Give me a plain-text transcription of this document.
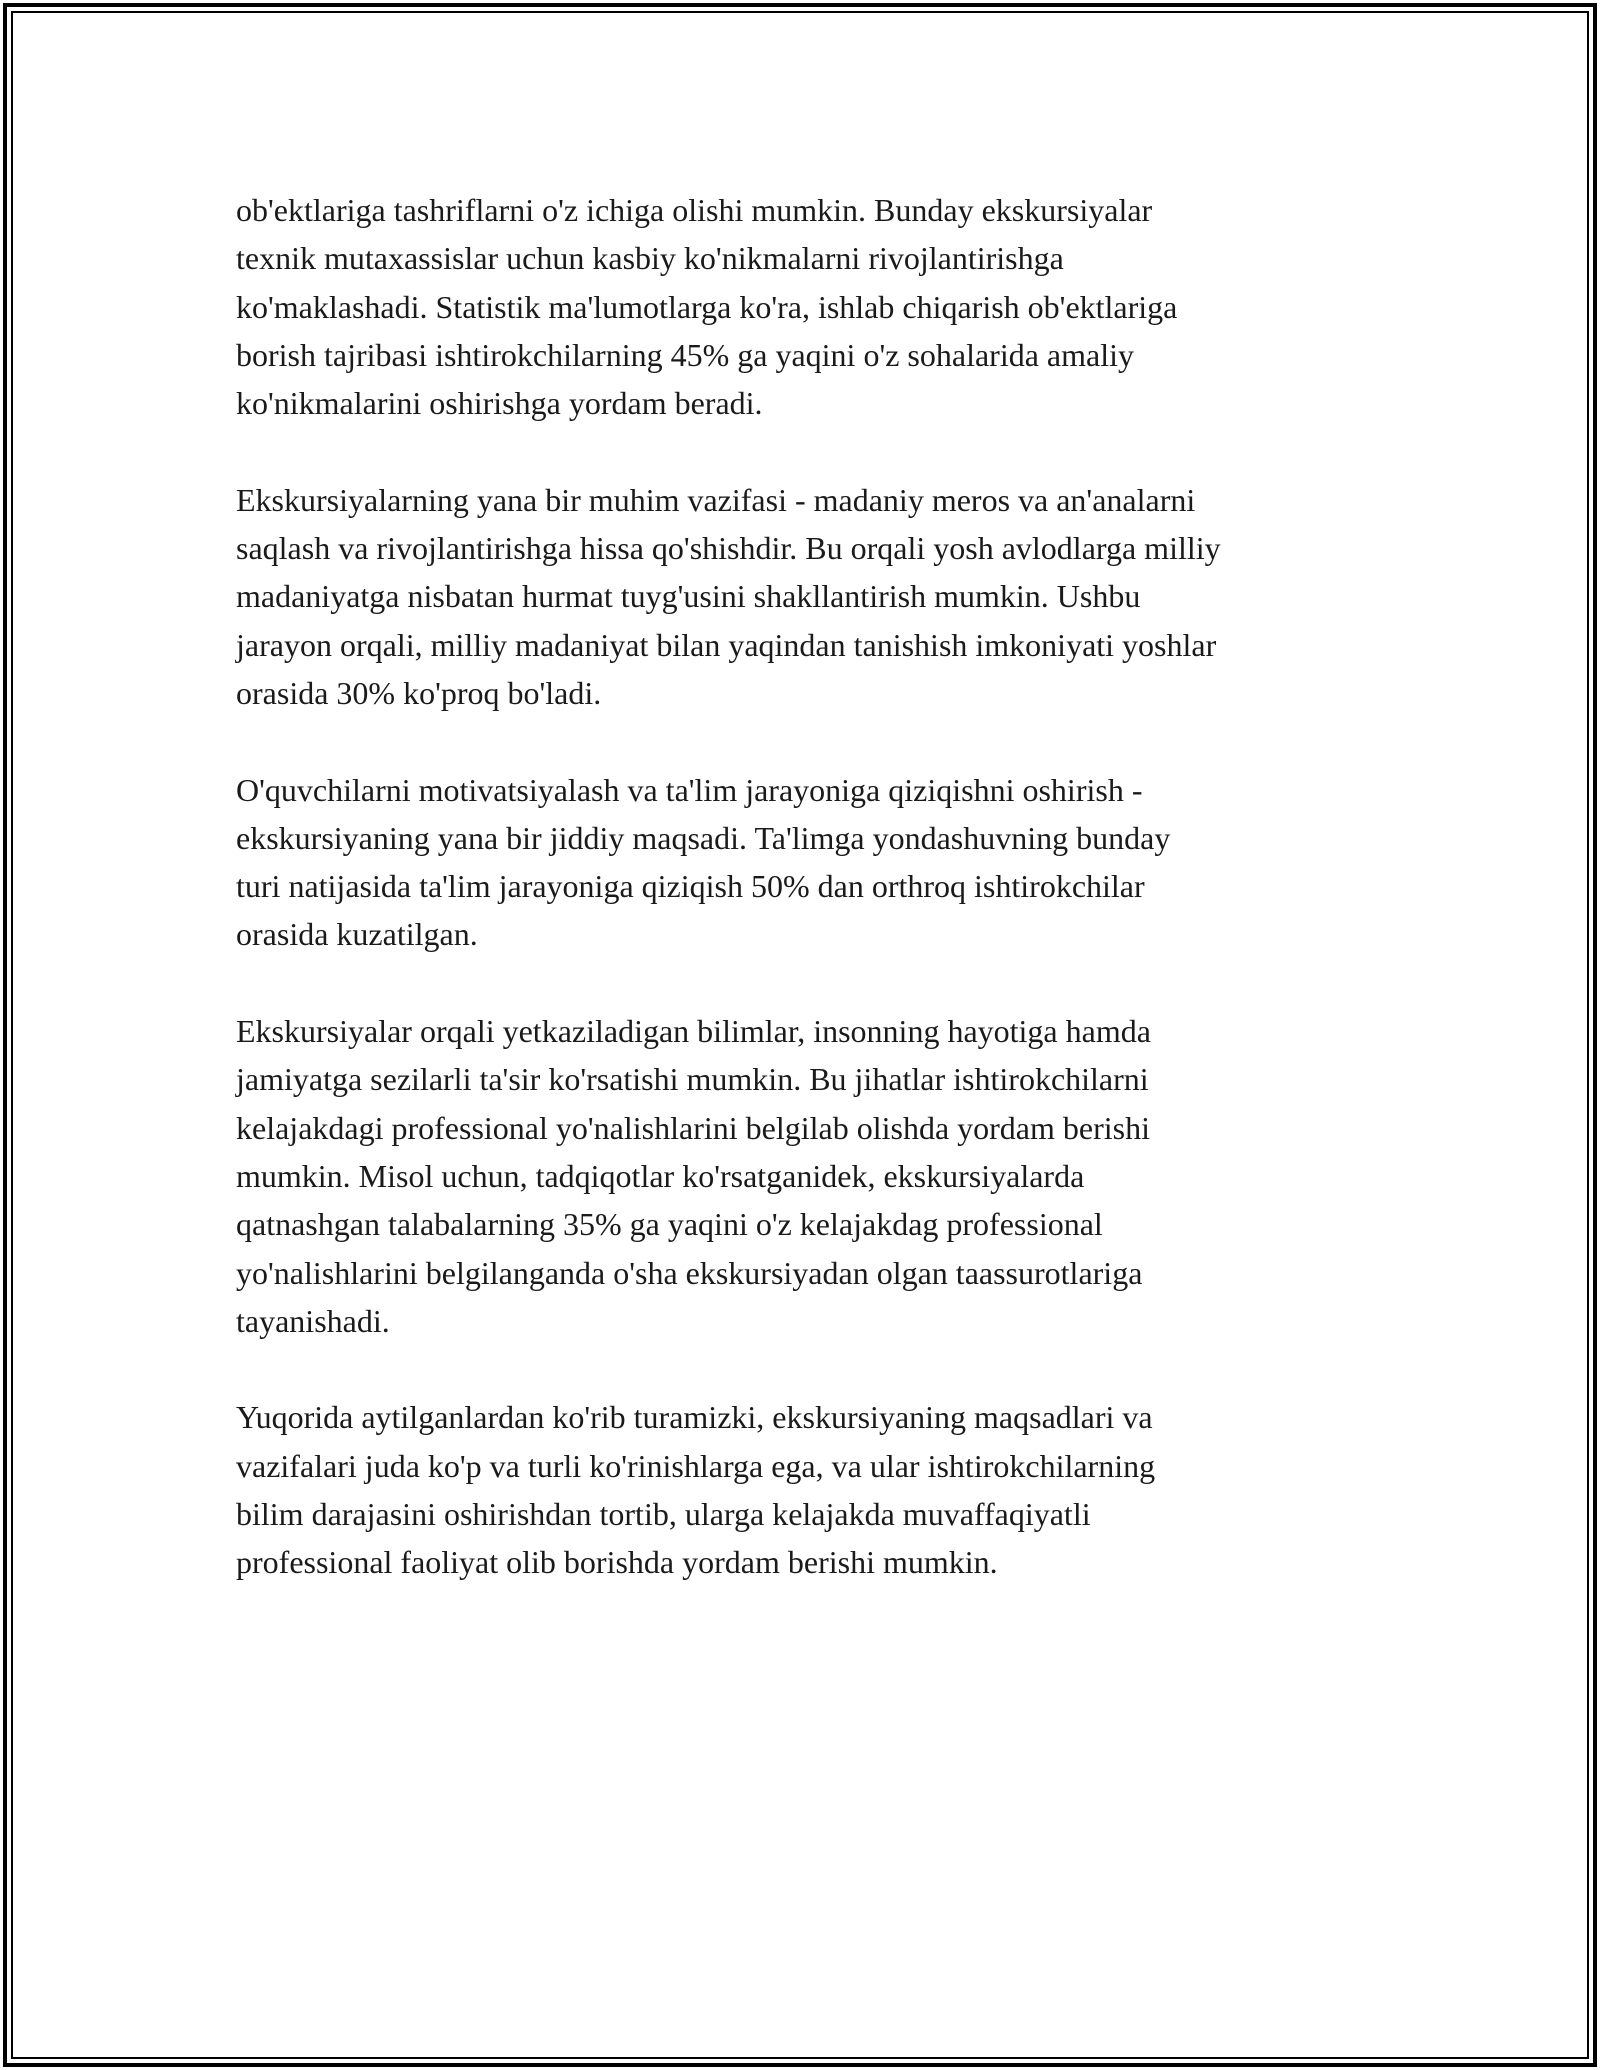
ob'ektlariga tashriflarni o'z ichiga olishi mumkin. Bunday ekskursiyalar
texnik mutaxassislar uchun kasbiy ko'nikmalarni rivojlantirishga
ko'maklashadi. Statistik ma'lumotlarga ko'ra, ishlab chiqarish ob'ektlariga
borish tajribasi ishtirokchilarning 45% ga yaqini o'z sohalarida amaliy
ko'nikmalarini oshirishga yordam beradi.

Ekskursiyalarning yana bir muhim vazifasi - madaniy meros va an'analarni
saqlash va rivojlantirishga hissa qo'shishdir. Bu orqali yosh avlodlarga milliy
madaniyatga nisbatan hurmat tuyg'usini shakllantirish mumkin. Ushbu
jarayon orqali, milliy madaniyat bilan yaqindan tanishish imkoniyati yoshlar
orasida 30% ko'proq bo'ladi.

O'quvchilarni motivatsiyalash va ta'lim jarayoniga qiziqishni oshirish -
ekskursiyaning yana bir jiddiy maqsadi. Ta'limga yondashuvning bunday
turi natijasida ta'lim jarayoniga qiziqish 50% dan orthroq ishtirokchilar
orasida kuzatilgan.

Ekskursiyalar orqali yetkaziladigan bilimlar, insonning hayotiga hamda
jamiyatga sezilarli ta'sir ko'rsatishi mumkin. Bu jihatlar ishtirokchilarni
kelajakdagi professional yo'nalishlarini belgilab olishda yordam berishi
mumkin. Misol uchun, tadqiqotlar ko'rsatganidek, ekskursiyalarda
qatnashgan talabalarning 35% ga yaqini o'z kelajakdag professional
yo'nalishlarini belgilanganda o'sha ekskursiyadan olgan taassurotlariga
tayanishadi.

Yuqorida aytilganlardan ko'rib turamizki, ekskursiyaning maqsadlari va
vazifalari juda ko'p va turli ko'rinishlarga ega, va ular ishtirokchilarning
bilim darajasini oshirishdan tortib, ularga kelajakda muvaffaqiyatli
professional faoliyat olib borishda yordam berishi mumkin.
